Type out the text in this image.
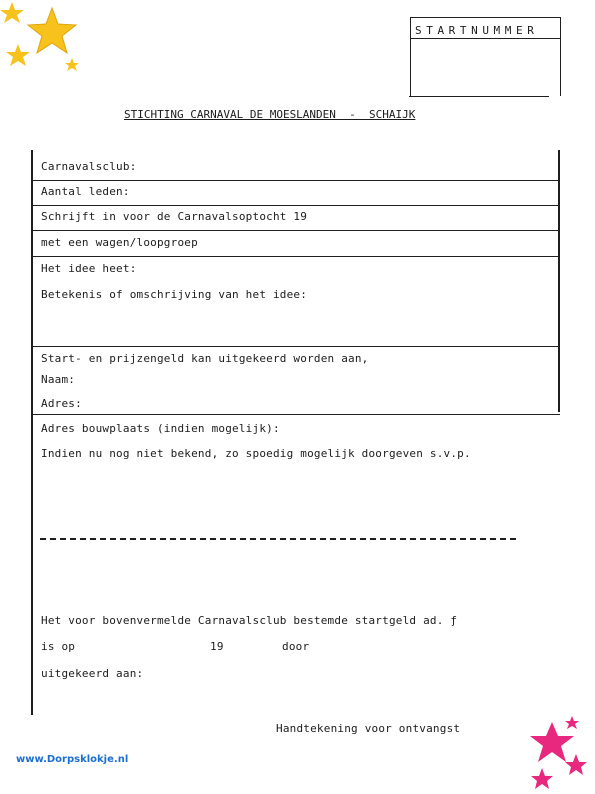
STARTNUMMER
STICHTING CARNAVAL DE MOESLANDEN  -  SCHAIJK
Carnavalsclub:
Aantal leden:
Schrijft in voor de Carnavalsoptocht 19
met een wagen/loopgroep
Het idee heet:
Betekenis of omschrijving van het idee:
Start- en prijzengeld kan uitgekeerd worden aan,
Naam:
Adres:
Adres bouwplaats (indien mogelijk):
Indien nu nog niet bekend, zo spoedig mogelijk doorgeven s.v.p.
Het voor bovenvermelde Carnavalsclub bestemde startgeld ad. ƒ
is op	19	door
uitgekeerd aan:
Handtekening voor ontvangst
www.Dorpsklokje.nl
